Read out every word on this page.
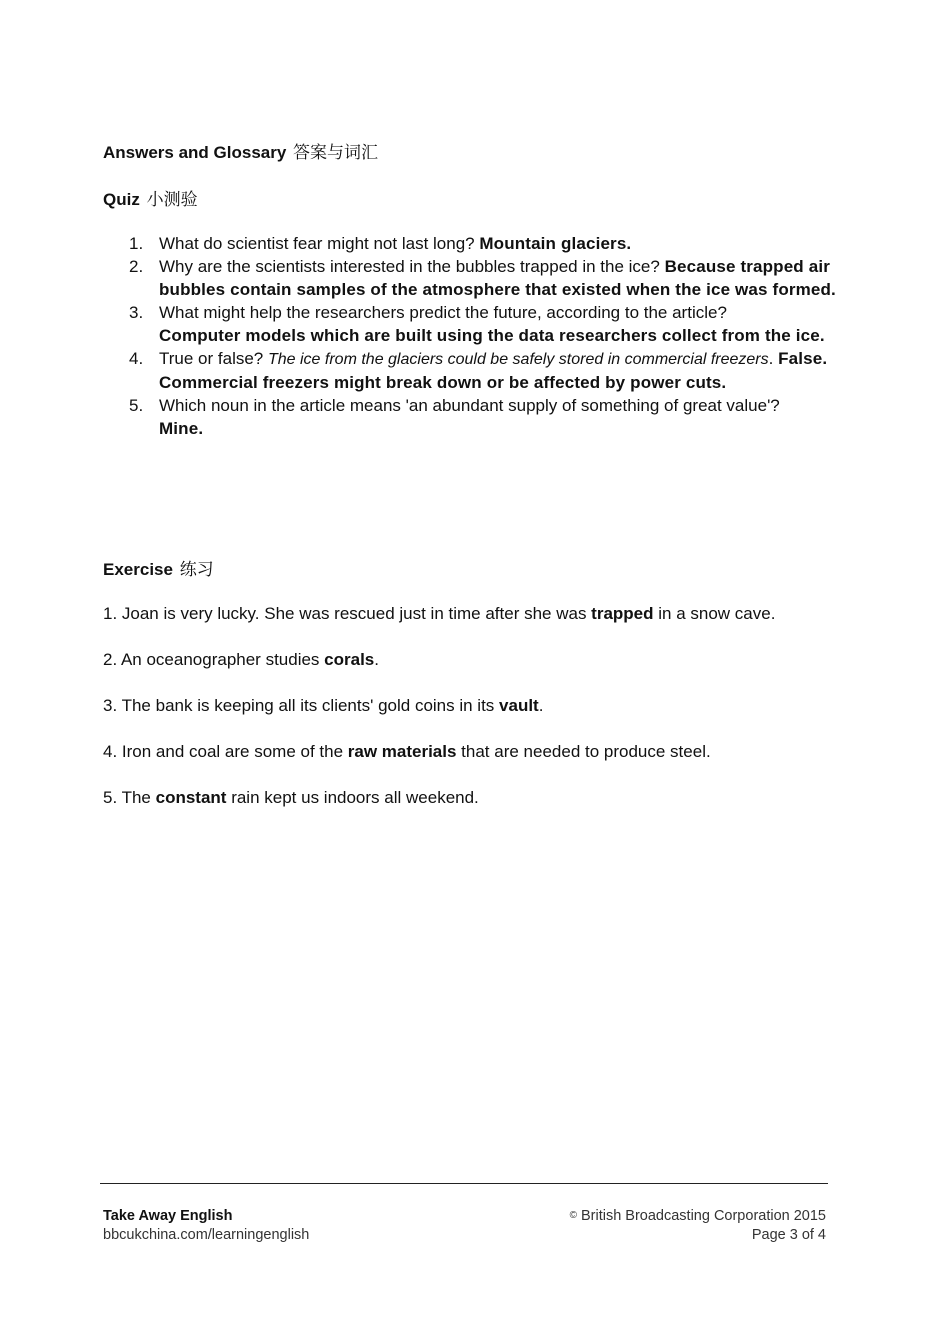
Answers and Glossary 答案与词汇
Quiz 小测验
1. What do scientist fear might not last long? Mountain glaciers.
2. Why are the scientists interested in the bubbles trapped in the ice? Because trapped air bubbles contain samples of the atmosphere that existed when the ice was formed.
3. What might help the researchers predict the future, according to the article?
Computer models which are built using the data researchers collect from the ice.
4. True or false? The ice from the glaciers could be safely stored in commercial freezers. False. Commercial freezers might break down or be affected by power cuts.
5. Which noun in the article means 'an abundant supply of something of great value'?
Mine.
Exercise 练习
1. Joan is very lucky. She was rescued just in time after she was trapped in a snow cave.
2. An oceanographer studies corals.
3. The bank is keeping all its clients' gold coins in its vault.
4. Iron and coal are some of the raw materials that are needed to produce steel.
5. The constant rain kept us indoors all weekend.
Take Away English
bbcukchina.com/learningenglish
© British Broadcasting Corporation 2015
Page 3 of 4
